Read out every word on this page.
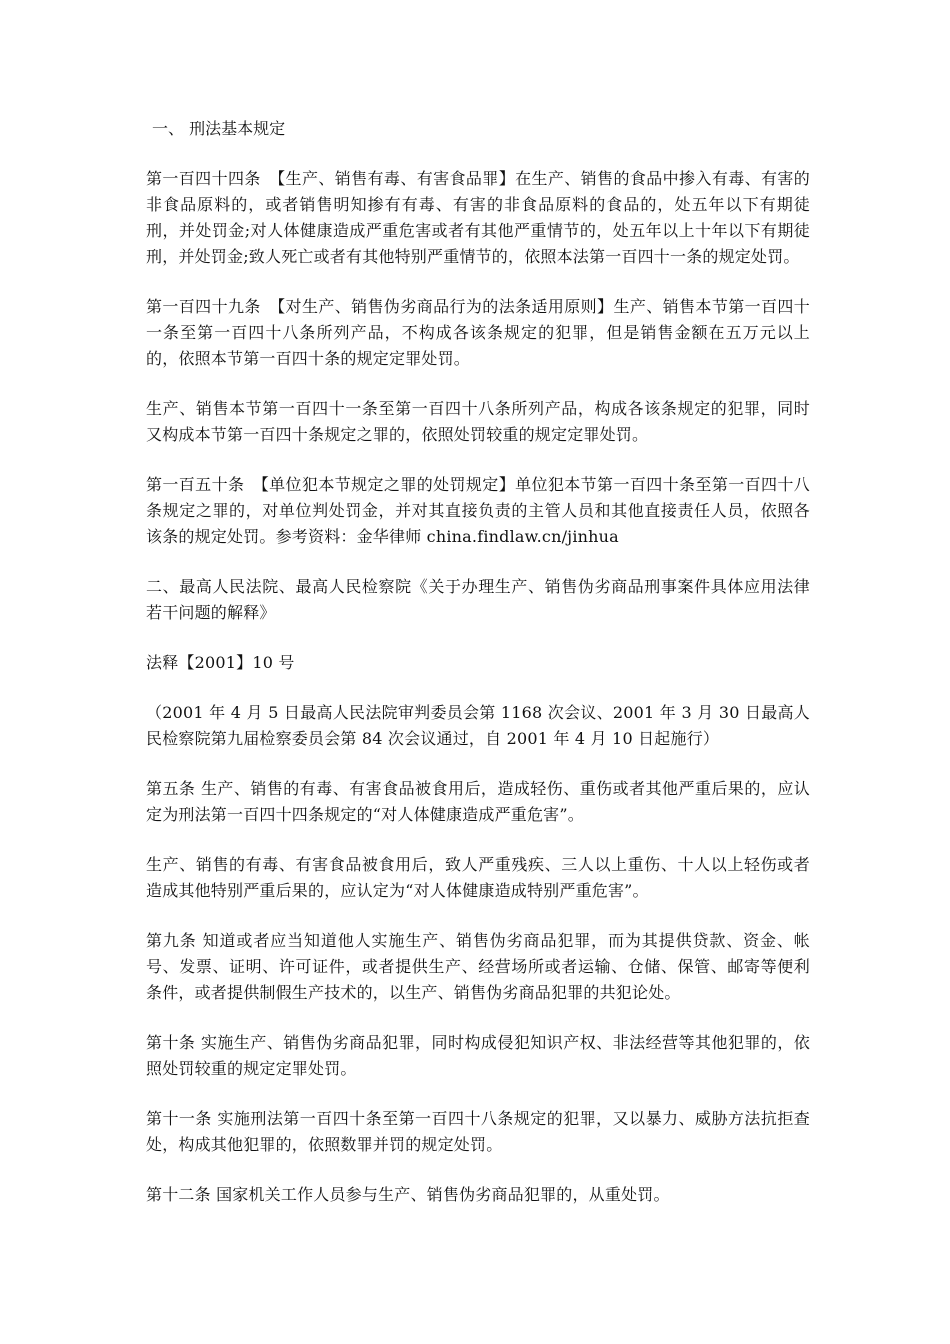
一、 刑法基本规定

第一百四十四条　【生产、销售有毒、有害食品罪】在生产、销售的食品中掺入有毒、有害的非食品原料的，或者销售明知掺有有毒、有害的非食品原料的食品的，处五年以下有期徒刑，并处罚金;对人体健康造成严重危害或者有其他严重情节的，处五年以上十年以下有期徒刑，并处罚金;致人死亡或者有其他特别严重情节的，依照本法第一百四十一条的规定处罚。

第一百四十九条　【对生产、销售伪劣商品行为的法条适用原则】生产、销售本节第一百四十一条至第一百四十八条所列产品，不构成各该条规定的犯罪，但是销售金额在五万元以上的，依照本节第一百四十条的规定定罪处罚。

生产、销售本节第一百四十一条至第一百四十八条所列产品，构成各该条规定的犯罪，同时又构成本节第一百四十条规定之罪的，依照处罚较重的规定定罪处罚。

第一百五十条　【单位犯本节规定之罪的处罚规定】单位犯本节第一百四十条至第一百四十八条规定之罪的，对单位判处罚金，并对其直接负责的主管人员和其他直接责任人员，依照各该条的规定处罚。参考资料：金华律师 china.findlaw.cn/jinhua

二、最高人民法院、最高人民检察院《关于办理生产、销售伪劣商品刑事案件具体应用法律若干问题的解释》

法释【2001】10 号

（2001 年 4 月 5 日最高人民法院审判委员会第 1168 次会议、2001 年 3 月 30 日最高人民检察院第九届检察委员会第 84 次会议通过，自 2001 年 4 月 10 日起施行）

第五条 生产、销售的有毒、有害食品被食用后，造成轻伤、重伤或者其他严重后果的，应认定为刑法第一百四十四条规定的“对人体健康造成严重危害”。

生产、销售的有毒、有害食品被食用后，致人严重残疾、三人以上重伤、十人以上轻伤或者造成其他特别严重后果的，应认定为“对人体健康造成特别严重危害”。

第九条 知道或者应当知道他人实施生产、销售伪劣商品犯罪，而为其提供贷款、资金、帐号、发票、证明、许可证件，或者提供生产、经营场所或者运输、仓储、保管、邮寄等便利条件，或者提供制假生产技术的，以生产、销售伪劣商品犯罪的共犯论处。

第十条 实施生产、销售伪劣商品犯罪，同时构成侵犯知识产权、非法经营等其他犯罪的，依照处罚较重的规定定罪处罚。

第十一条 实施刑法第一百四十条至第一百四十八条规定的犯罪，又以暴力、威胁方法抗拒查处，构成其他犯罪的，依照数罪并罚的规定处罚。

第十二条 国家机关工作人员参与生产、销售伪劣商品犯罪的，从重处罚。
